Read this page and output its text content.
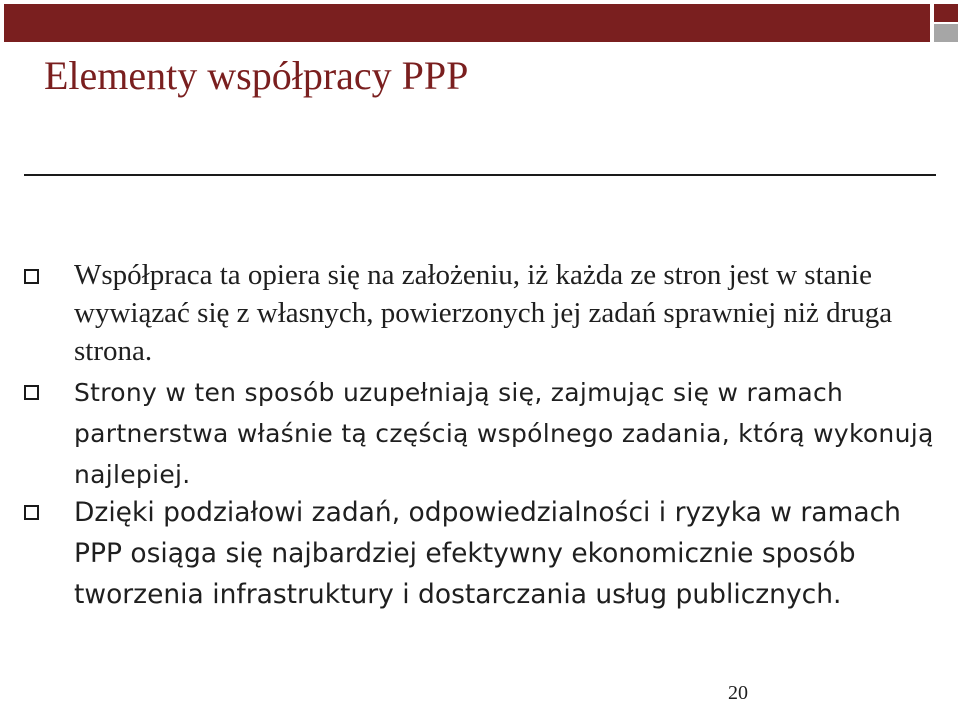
Elementy współpracy PPP
Współpraca ta opiera się na założeniu, iż każda ze stron jest w stanie wywiązać się z własnych, powierzonych jej zadań sprawniej niż druga strona.
Strony w ten sposób uzupełniają się, zajmując się w ramach partnerstwa właśnie tą częścią wspólnego zadania, którą wykonują najlepiej.
Dzięki podziałowi zadań, odpowiedzialności i ryzyka w ramach PPP osiąga się najbardziej efektywny ekonomicznie sposób tworzenia infrastruktury i dostarczania usług publicznych.
20
